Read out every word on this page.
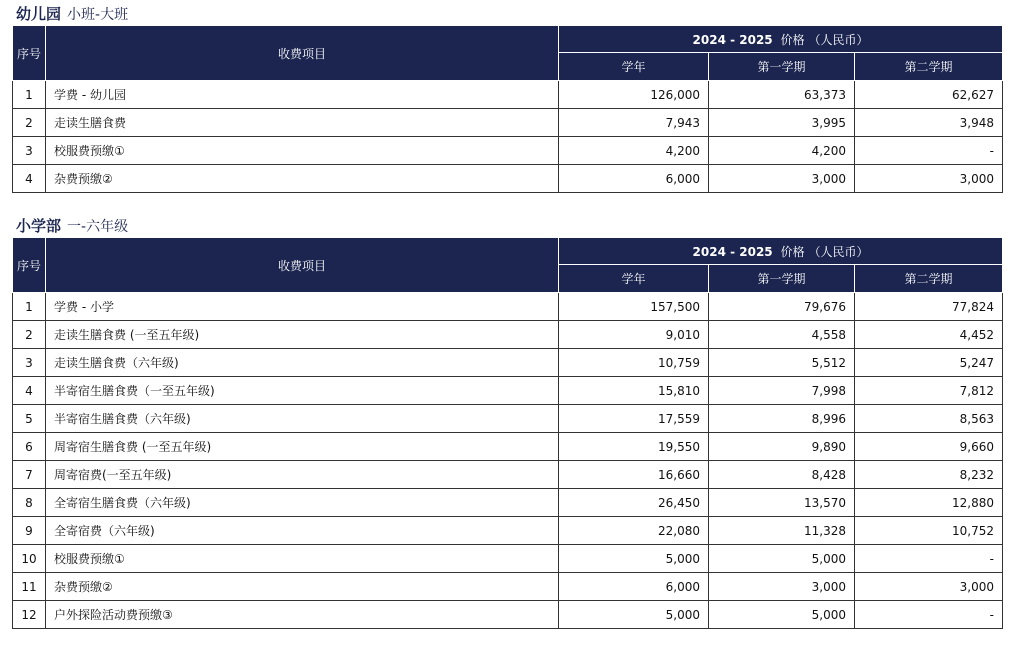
幼儿园 小班-大班
序号	收费项目	2024 - 2025 价格 （人民币）		
		学年	第一学期	第二学期
1	学费 - 幼儿园	126,000	63,373	62,627
2	走读生膳食费	7,943	3,995	3,948
3	校服费预缴①	4,200	4,200	-
4	杂费预缴②	6,000	3,000	3,000
小学部 一-六年级
序号	收费项目	2024 - 2025 价格 （人民币）		
		学年	第一学期	第二学期
1	学费 - 小学	157,500	79,676	77,824
2	走读生膳食费 (一至五年级)	9,010	4,558	4,452
3	走读生膳食费（六年级)	10,759	5,512	5,247
4	半寄宿生膳食费（一至五年级)	15,810	7,998	7,812
5	半寄宿生膳食费（六年级)	17,559	8,996	8,563
6	周寄宿生膳食费 (一至五年级)	19,550	9,890	9,660
7	周寄宿费(一至五年级)	16,660	8,428	8,232
8	全寄宿生膳食费（六年级)	26,450	13,570	12,880
9	全寄宿费（六年级)	22,080	11,328	10,752
10	校服费预缴①	5,000	5,000	-
11	杂费预缴②	6,000	3,000	3,000
12	户外探险活动费预缴③	5,000	5,000	-
